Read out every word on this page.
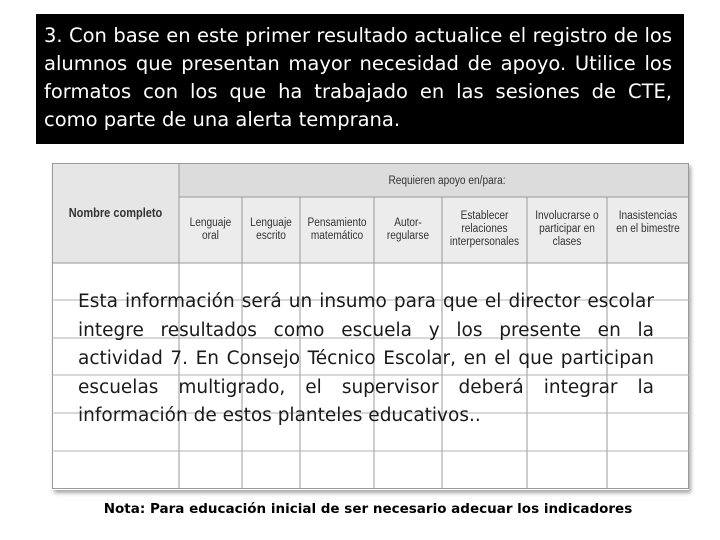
3. Con base en este primer resultado actualice el registro de los alumnos que presentan mayor necesidad de apoyo. Utilice los formatos con los que ha trabajado en las sesiones de CTE, como parte de una alerta temprana.
Nombre completo
Requieren apoyo en/para:
Lenguaje oral
Lenguaje escrito
Pensamiento matemático
Autor-regularse
Establecer relaciones interpersonales
Involucrarse o participar en clases
Inasistencias en el bimestre
Esta información será un insumo para que el director escolar integre resultados como escuela y los presente en la actividad 7. En Consejo Técnico Escolar, en el que participan escuelas multigrado, el supervisor deberá integrar la información de estos planteles educativos..
Nota: Para educación inicial de ser necesario adecuar los indicadores
